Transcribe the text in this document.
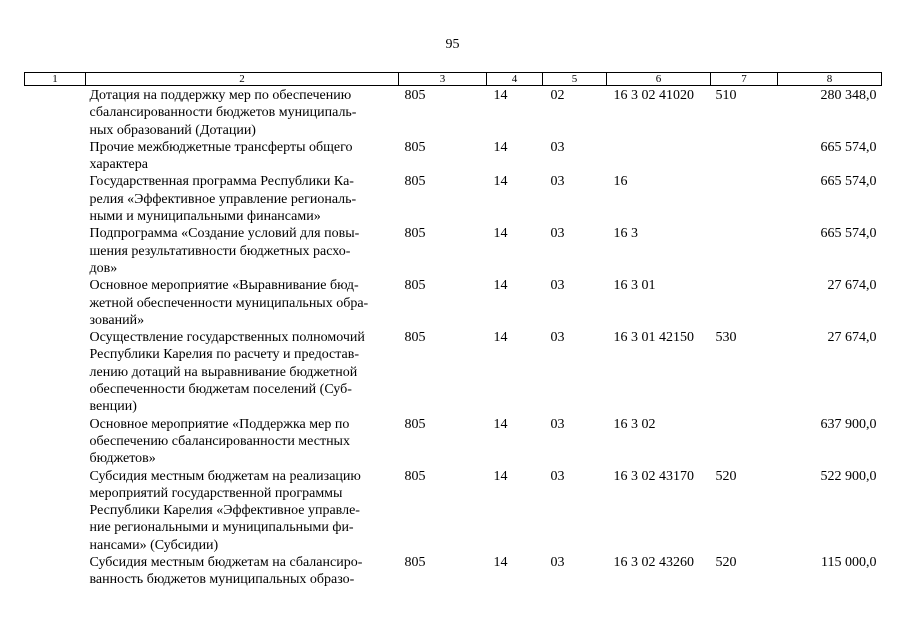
95
1	2	3	4	5	6	7	8

	Дотация на поддержку мер по обеспечению
сбалансированности бюджетов муниципаль-
ных образований (Дотации)	805	14	02	16 3 02 41020	510	280 348,0

	Прочие межбюджетные трансферты общего
характера	805	14	03			665 574,0

	Государственная программа Республики Ка-
релия «Эффективное управление региональ-
ными и муниципальными финансами»	805	14	03	16		665 574,0

	Подпрограмма «Создание условий для повы-
шения результативности бюджетных расхо-
дов»	805	14	03	16 3		665 574,0

	Основное мероприятие «Выравнивание бюд-
жетной обеспеченности муниципальных обра-
зований»	805	14	03	16 3 01		27 674,0

	Осуществление государственных полномочий
Республики Карелия по расчету и предостав-
лению дотаций на выравнивание бюджетной
обеспеченности бюджетам поселений (Суб-
венции)	805	14	03	16 3 01 42150	530	27 674,0

	Основное мероприятие «Поддержка мер по
обеспечению сбалансированности местных
бюджетов»	805	14	03	16 3 02		637 900,0

	Субсидия местным бюджетам на реализацию
мероприятий государственной программы
Республики Карелия «Эффективное управле-
ние региональными и муниципальными фи-
нансами» (Субсидии)	805	14	03	16 3 02 43170	520	522 900,0

	Субсидия местным бюджетам на сбалансиро-
ванность бюджетов муниципальных образо-	805	14	03	16 3 02 43260	520	115 000,0
